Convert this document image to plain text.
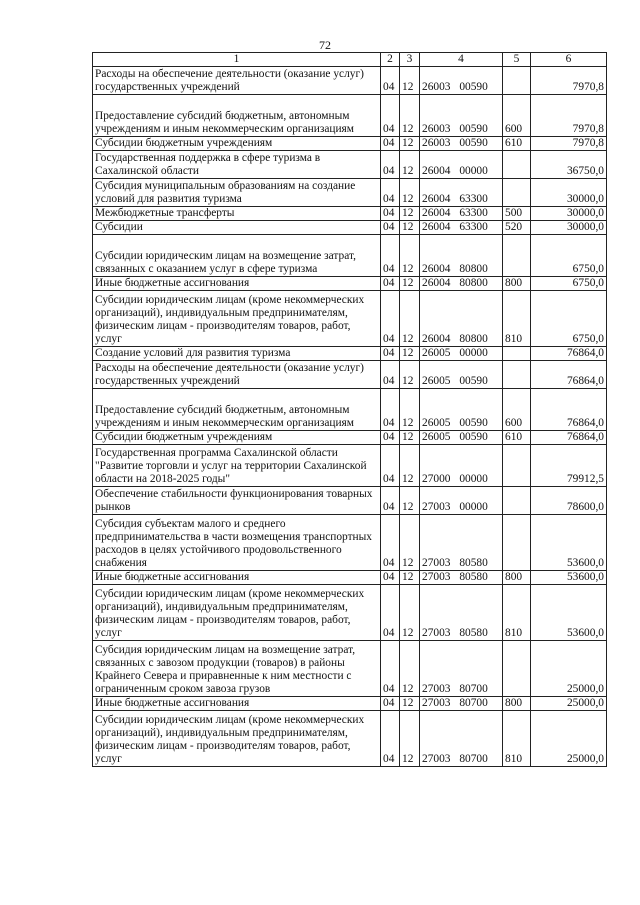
72
1	2	3	4	5	6
Расходы на обеспечение деятельности (оказание услуг) государственных учреждений	04	12	26003 00590		7970,8
Предоставление субсидий бюджетным, автономным учреждениям и иным некоммерческим организациям	04	12	26003 00590	600	7970,8
Субсидии бюджетным учреждениям	04	12	26003 00590	610	7970,8
Государственная поддержка в сфере туризма в Сахалинской области	04	12	26004 00000		36750,0
Субсидия муниципальным образованиям на создание условий для развития туризма	04	12	26004 63300		30000,0
Межбюджетные трансферты	04	12	26004 63300	500	30000,0
Субсидии	04	12	26004 63300	520	30000,0
Субсидии юридическим лицам на возмещение затрат, связанных с оказанием услуг в сфере туризма	04	12	26004 80800		6750,0
Иные бюджетные ассигнования	04	12	26004 80800	800	6750,0
Субсидии юридическим лицам (кроме некоммерческих организаций), индивидуальным предпринимателям, физическим лицам - производителям товаров, работ, услуг	04	12	26004 80800	810	6750,0
Создание условий для развития туризма	04	12	26005 00000		76864,0
Расходы на обеспечение деятельности (оказание услуг) государственных учреждений	04	12	26005 00590		76864,0
Предоставление субсидий бюджетным, автономным учреждениям и иным некоммерческим организациям	04	12	26005 00590	600	76864,0
Субсидии бюджетным учреждениям	04	12	26005 00590	610	76864,0
Государственная программа Сахалинской области "Развитие торговли и услуг на территории Сахалинской области на 2018-2025 годы"	04	12	27000 00000		79912,5
Обеспечение стабильности функционирования товарных рынков	04	12	27003 00000		78600,0
Субсидия субъектам малого и среднего предпринимательства в части возмещения транспортных расходов в целях устойчивого продовольственного снабжения	04	12	27003 80580		53600,0
Иные бюджетные ассигнования	04	12	27003 80580	800	53600,0
Субсидии юридическим лицам (кроме некоммерческих организаций), индивидуальным предпринимателям, физическим лицам - производителям товаров, работ, услуг	04	12	27003 80580	810	53600,0
Субсидия юридическим лицам на возмещение затрат, связанных с завозом продукции (товаров) в районы Крайнего Севера и приравненные к ним местности с ограниченным сроком завоза грузов	04	12	27003 80700		25000,0
Иные бюджетные ассигнования	04	12	27003 80700	800	25000,0
Субсидии юридическим лицам (кроме некоммерческих организаций), индивидуальным предпринимателям, физическим лицам - производителям товаров, работ, услуг	04	12	27003 80700	810	25000,0
